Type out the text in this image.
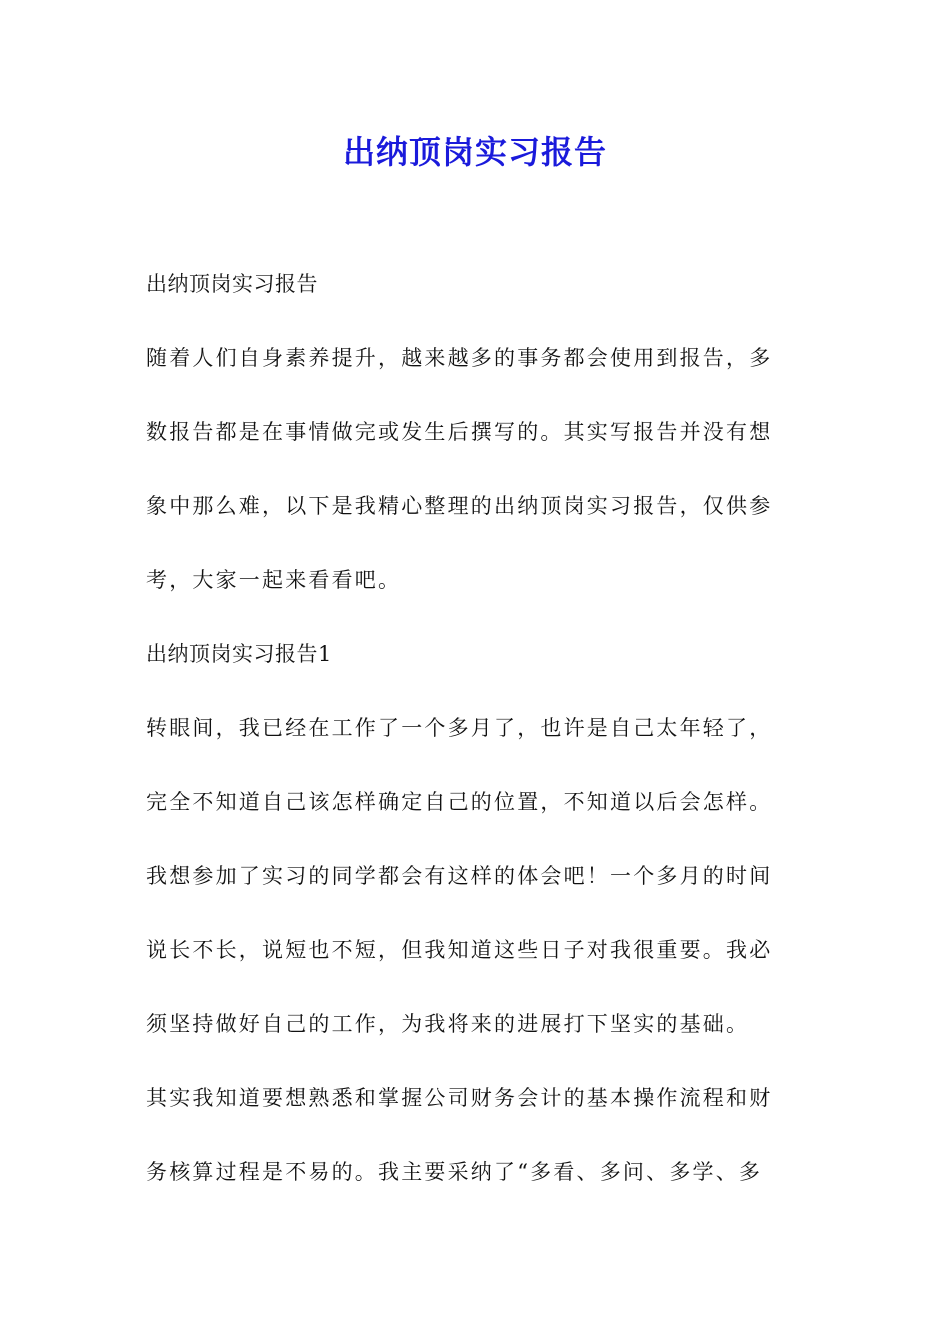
出纳顶岗实习报告
出纳顶岗实习报告
随着人们自身素养提升，越来越多的事务都会使用到报告，多
数报告都是在事情做完或发生后撰写的。其实写报告并没有想
象中那么难，以下是我精心整理的出纳顶岗实习报告，仅供参
考，大家一起来看看吧。
出纳顶岗实习报告1
转眼间，我已经在工作了一个多月了，也许是自己太年轻了，
完全不知道自己该怎样确定自己的位置，不知道以后会怎样。
我想参加了实习的同学都会有这样的体会吧！一个多月的时间
说长不长，说短也不短，但我知道这些日子对我很重要。我必
须坚持做好自己的工作，为我将来的进展打下坚实的基础。
其实我知道要想熟悉和掌握公司财务会计的基本操作流程和财
务核算过程是不易的。我主要采纳了“多看、多问、多学、多
